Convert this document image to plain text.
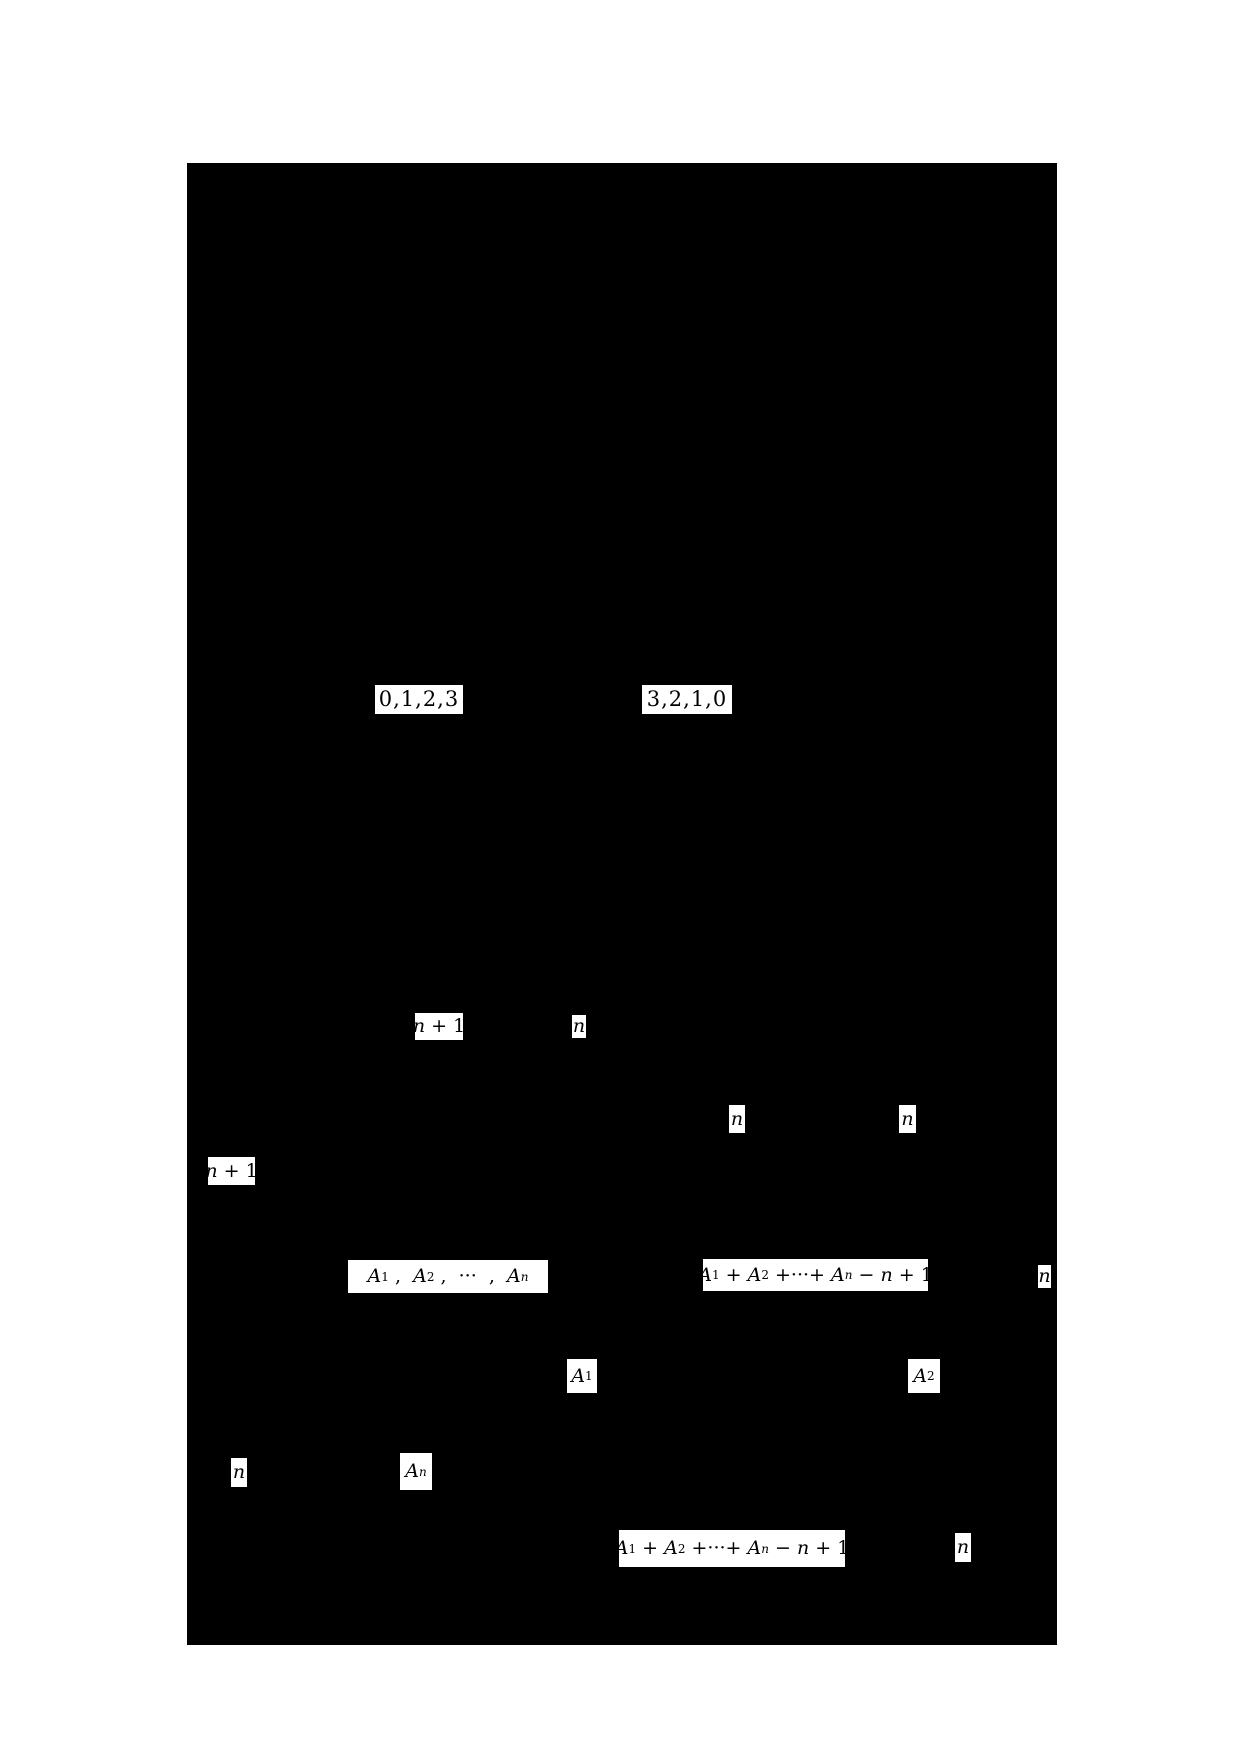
0,1,2,3	3,2,1,0
n + 1	n
n	n
n + 1
A 1 , A 2 ,  ···  , A n	A 1 + A 2 +···+ A n − n + 1	n
A 1	A 2
n	A n
A 1 + A 2 +···+ A n − n + 1	n
